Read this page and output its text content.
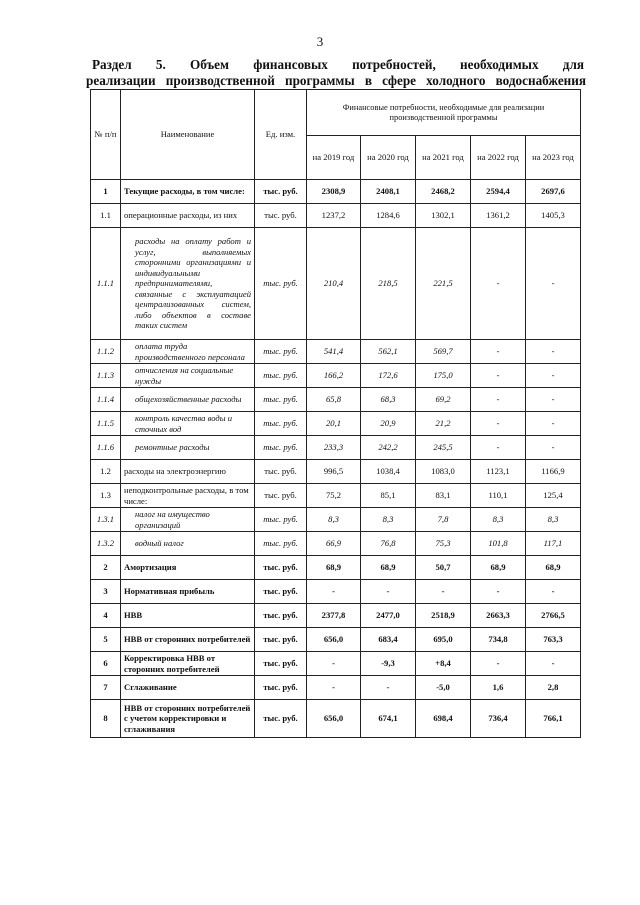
3
Раздел 5. Объем финансовых потребностей, необходимых для
реализации производственной программы в сфере холодного водоснабжения
№ п/п	Наименование	Ед. изм.	Финансовые потребности, необходимые для реализации производственной программы				
			на 2019 год	на 2020 год	на 2021 год	на 2022 год	на 2023 год
1	Текущие расходы, в том числе:	тыс. руб.	2308,9	2408,1	2468,2	2594,4	2697,6
1.1	операционные расходы, из них	тыс. руб.	1237,2	1284,6	1302,1	1361,2	1405,3
1.1.1	расходы на оплату работ и услуг, выполняемых сторонними организациями и индивидуальными предпринимателями, связанные с эксплуатацией централизованных систем, либо объектов в составе таких систем	тыс. руб.	210,4	218,5	221,5	-	-
1.1.2	оплата труда производственного персонала	тыс. руб.	541,4	562,1	569,7	-	-
1.1.3	отчисления на социальные нужды	тыс. руб.	166,2	172,6	175,0	-	-
1.1.4	общехозяйственные расходы	тыс. руб.	65,8	68,3	69,2	-	-
1.1.5	контроль качества воды и сточных вод	тыс. руб.	20,1	20,9	21,2	-	-
1.1.6	ремонтные расходы	тыс. руб.	233,3	242,2	245,5	-	-
1.2	расходы на электроэнергию	тыс. руб.	996,5	1038,4	1083,0	1123,1	1166,9
1.3	неподконтрольные расходы, в том числе:	тыс. руб.	75,2	85,1	83,1	110,1	125,4
1.3.1	налог на имущество организаций	тыс. руб.	8,3	8,3	7,8	8,3	8,3
1.3.2	водный налог	тыс. руб.	66,9	76,8	75,3	101,8	117,1
2	Амортизация	тыс. руб.	68,9	68,9	50,7	68,9	68,9
3	Нормативная прибыль	тыс. руб.	-	-	-	-	-
4	НВВ	тыс. руб.	2377,8	2477,0	2518,9	2663,3	2766,5
5	НВВ от сторонних потребителей	тыс. руб.	656,0	683,4	695,0	734,8	763,3
6	Корректировка НВВ от сторонних потребителей	тыс. руб.	-	-9,3	+8,4	-	-
7	Сглаживание	тыс. руб.	-	-	-5,0	1,6	2,8
8	НВВ от сторонних потребителей с учетом корректировки и сглаживания	тыс. руб.	656,0	674,1	698,4	736,4	766,1
